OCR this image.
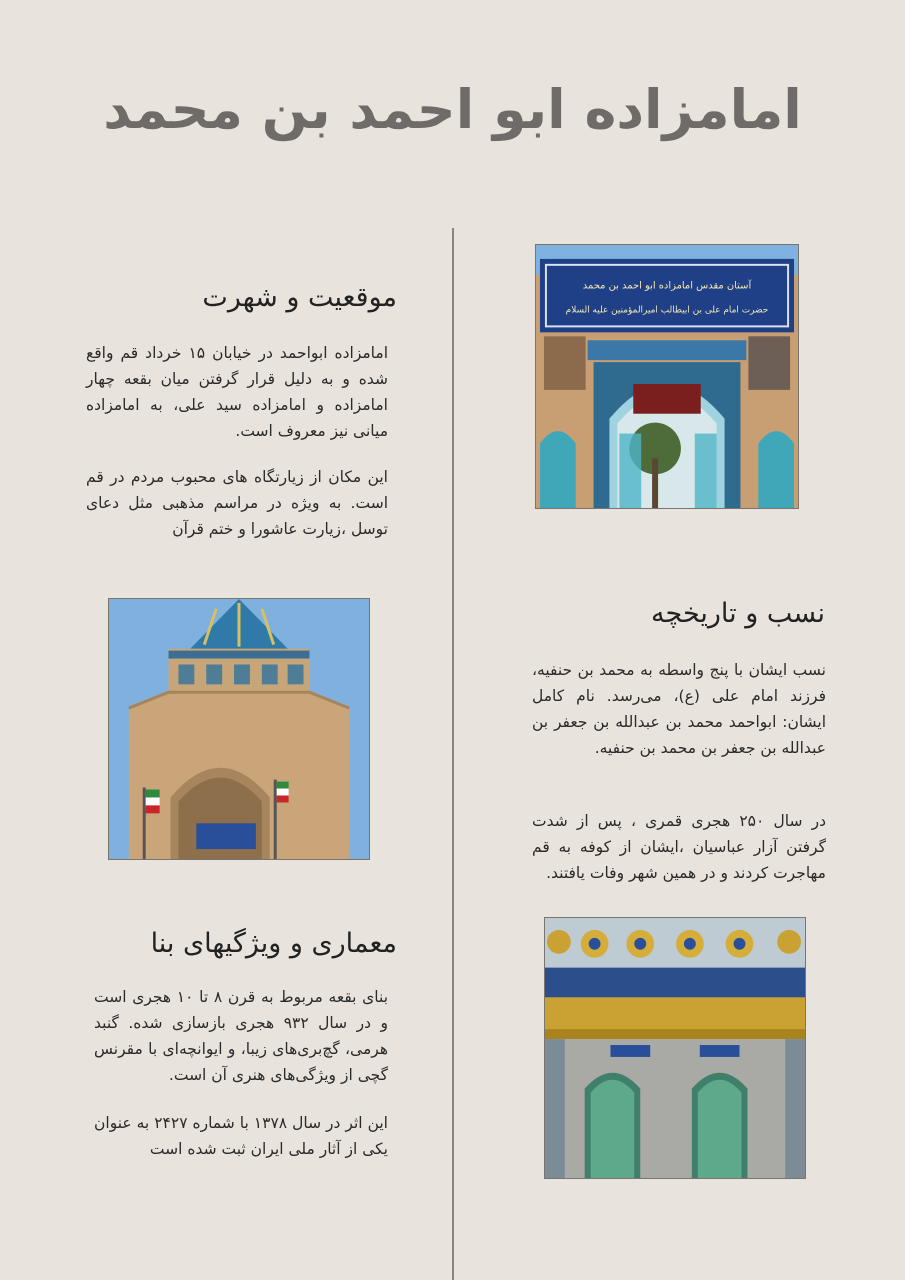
امامزاده ابو احمد بن محمد
موقعیت و شهرت

امامزاده ابواحمد در خیابان ۱۵ خرداد قم واقع شده و به دلیل قرار گرفتن میان بقعه چهار امامزاده و امامزاده سید علی، به امامزاده میانی نیز معروف است.

این مکان از زیارتگاه های محبوب مردم در قم است. به ویژه در مراسم مذهبی مثل دعای توسل ،زیارت عاشورا و ختم قرآن

نسب و تاریخچه

نسب ایشان با پنج واسطه به محمد بن حنفیه، فرزند امام علی (ع)، می‌رسد. نام کامل ایشان: ابواحمد محمد بن عبدالله بن جعفر بن عبدالله بن جعفر بن محمد بن حنفیه.

در سال ۲۵۰ هجری قمری ، پس از شدت گرفتن آزار عباسیان ،ایشان از کوفه به قم مهاجرت کردند و در همین شهر وفات یافتند.

معماری و ویژگیهای بنا

بنای بقعه مربوط به قرن ۸ تا ۱۰ هجری است و در سال ۹۳۲ هجری بازسازی شده. گنبد هرمی، گچ‌بری‌های زیبا، و ایوانچه‌ای با مقرنس گچی از ویژگی‌های هنری آن است.

این اثر در سال ۱۳۷۸ با شماره ۲۴۲۷ به عنوان یکی از آثار ملی ایران ثبت شده است

آستان مقدس امامزاده ابو احمد بن محمد
حضرت امام علی بن ابیطالب امیرالمؤمنین علیه السلام
